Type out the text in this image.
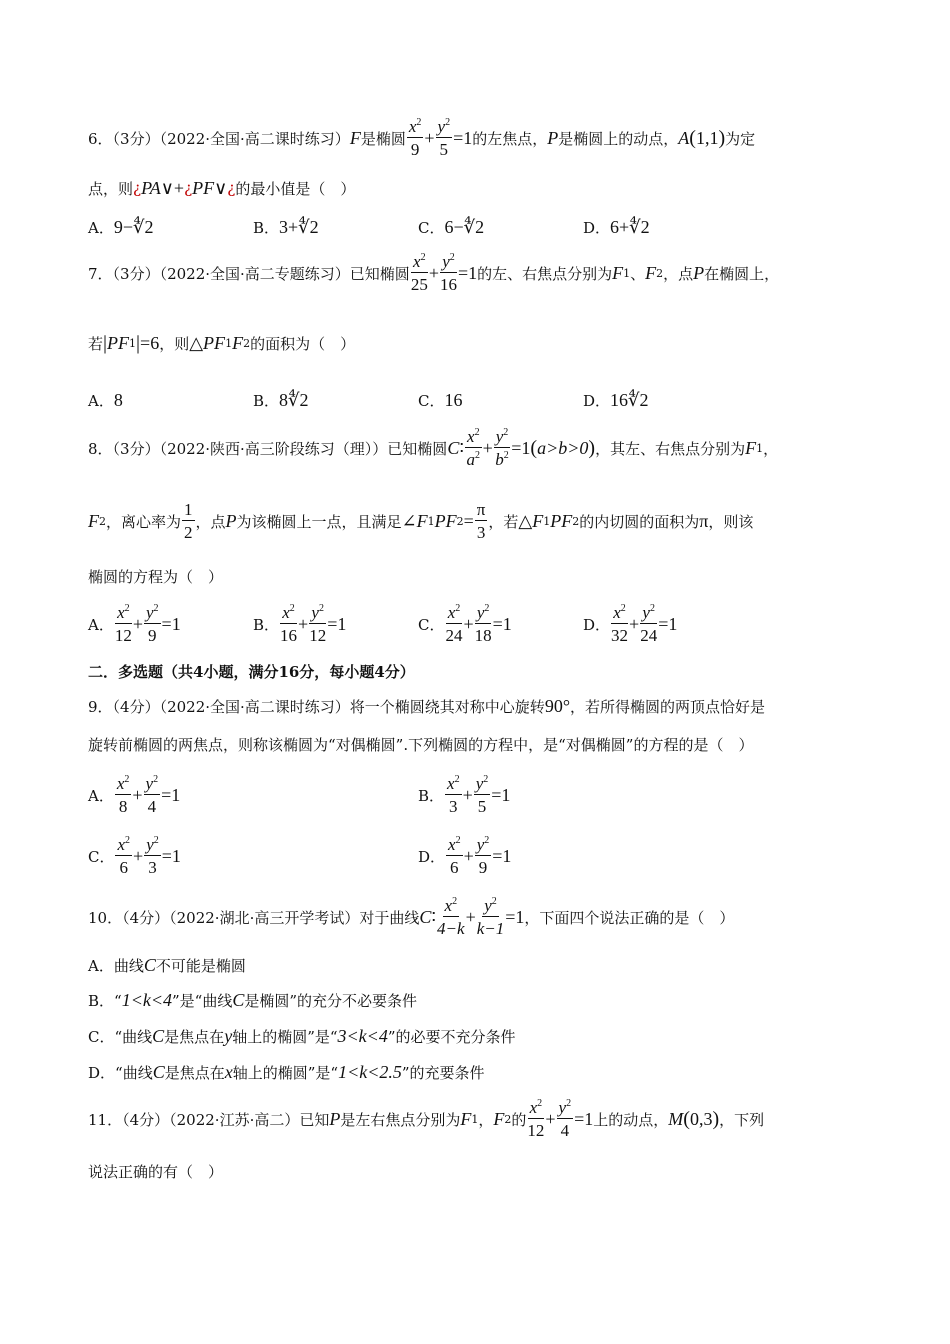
6．（3分）（2022·全国·高二课时练习） F 是椭圆 $\frac{x^2}{9} + \frac{y^2}{5} =1$ 的左焦点， P 是椭圆上的动点， A ( 1,1 ) 为定
点，则 ¿ PA ∨+ ¿ PF ∨ ¿ 的最小值是（　）
A． 9−∜2	B． 3+∜2	C． 6−∜2	D． 6+∜2
7．（3分）（2022·全国·高二专题练习）已知椭圆 $\frac{x^2}{25} + \frac{y^2}{16} =1$ 的左、右焦点分别为 F 1 、 F 2 ，点 P 在椭圆上，
若 | PF 1 | =6 ，则 △PF 1 F 2 的面积为（　）
A． 8	B． 8∜2	C． 16	D． 16∜2
8．（3分）（2022·陕西·高三阶段练习（理））已知椭圆 C ∶ $\frac{x^2}{a^2} + \frac{y^2}{b^2} =1$ ( a>b>0 ) ，其左、右焦点分别为 F 1 ，
F 2 ，离心率为 $\frac{1}{2}$ ，点 P 为该椭圆上一点，且满足 ∠F 1 PF $2 = \frac{\pi}{3}$ ，若 △F 1 PF 2 的内切圆的面积为 π ，则该
椭圆的方程为（　）
A． $\frac{x^2}{12} + \frac{y^2}{9} =1$	B． $\frac{x^2}{16} + \frac{y^2}{12} =1$	C． $\frac{x^2}{24} + \frac{y^2}{18} =1$	D． $\frac{x^2}{32} + \frac{y^2}{24} =1$
二．多选题（共4小题，满分16分，每小题4分）
9．（4分）（2022·全国·高二课时练习）将一个椭圆绕其对称中心旋转 90° ，若所得椭圆的两顶点恰好是
旋转前椭圆的两焦点，则称该椭圆为“对偶椭圆”.下列椭圆的方程中，是“对偶椭圆”的方程的是（　）
A． $\frac{x^2}{8} + \frac{y^2}{4} =1$	B． $\frac{x^2}{3} + \frac{y^2}{5} =1$
C． $\frac{x^2}{6} + \frac{y^2}{3} =1$	D． $\frac{x^2}{6} + \frac{y^2}{9} =1$
10．（4分）（2022·湖北·高三开学考试）对于曲线 C ∶ $\frac{x^2}{4-k} + \frac{y^2}{k-1} =1$ ，下面四个说法正确的是（　）
A．曲线 C 不可能是椭圆
B．“ 1<k<4 ”是“曲线 C 是椭圆”的充分不必要条件
C．“曲线 C 是焦点在 y 轴上的椭圆”是“ 3<k<4 ”的必要不充分条件
D．“曲线 C 是焦点在 x 轴上的椭圆”是“ 1<k<2.5 ”的充要条件
11．（4分）（2022·江苏·高二）已知 P 是左右焦点分别为 F 1 ， F 2 的 $\frac{x^2}{12} + \frac{y^2}{4} =1$ 上的动点， M ( 0,3 ) ，下列
说法正确的有（　）
